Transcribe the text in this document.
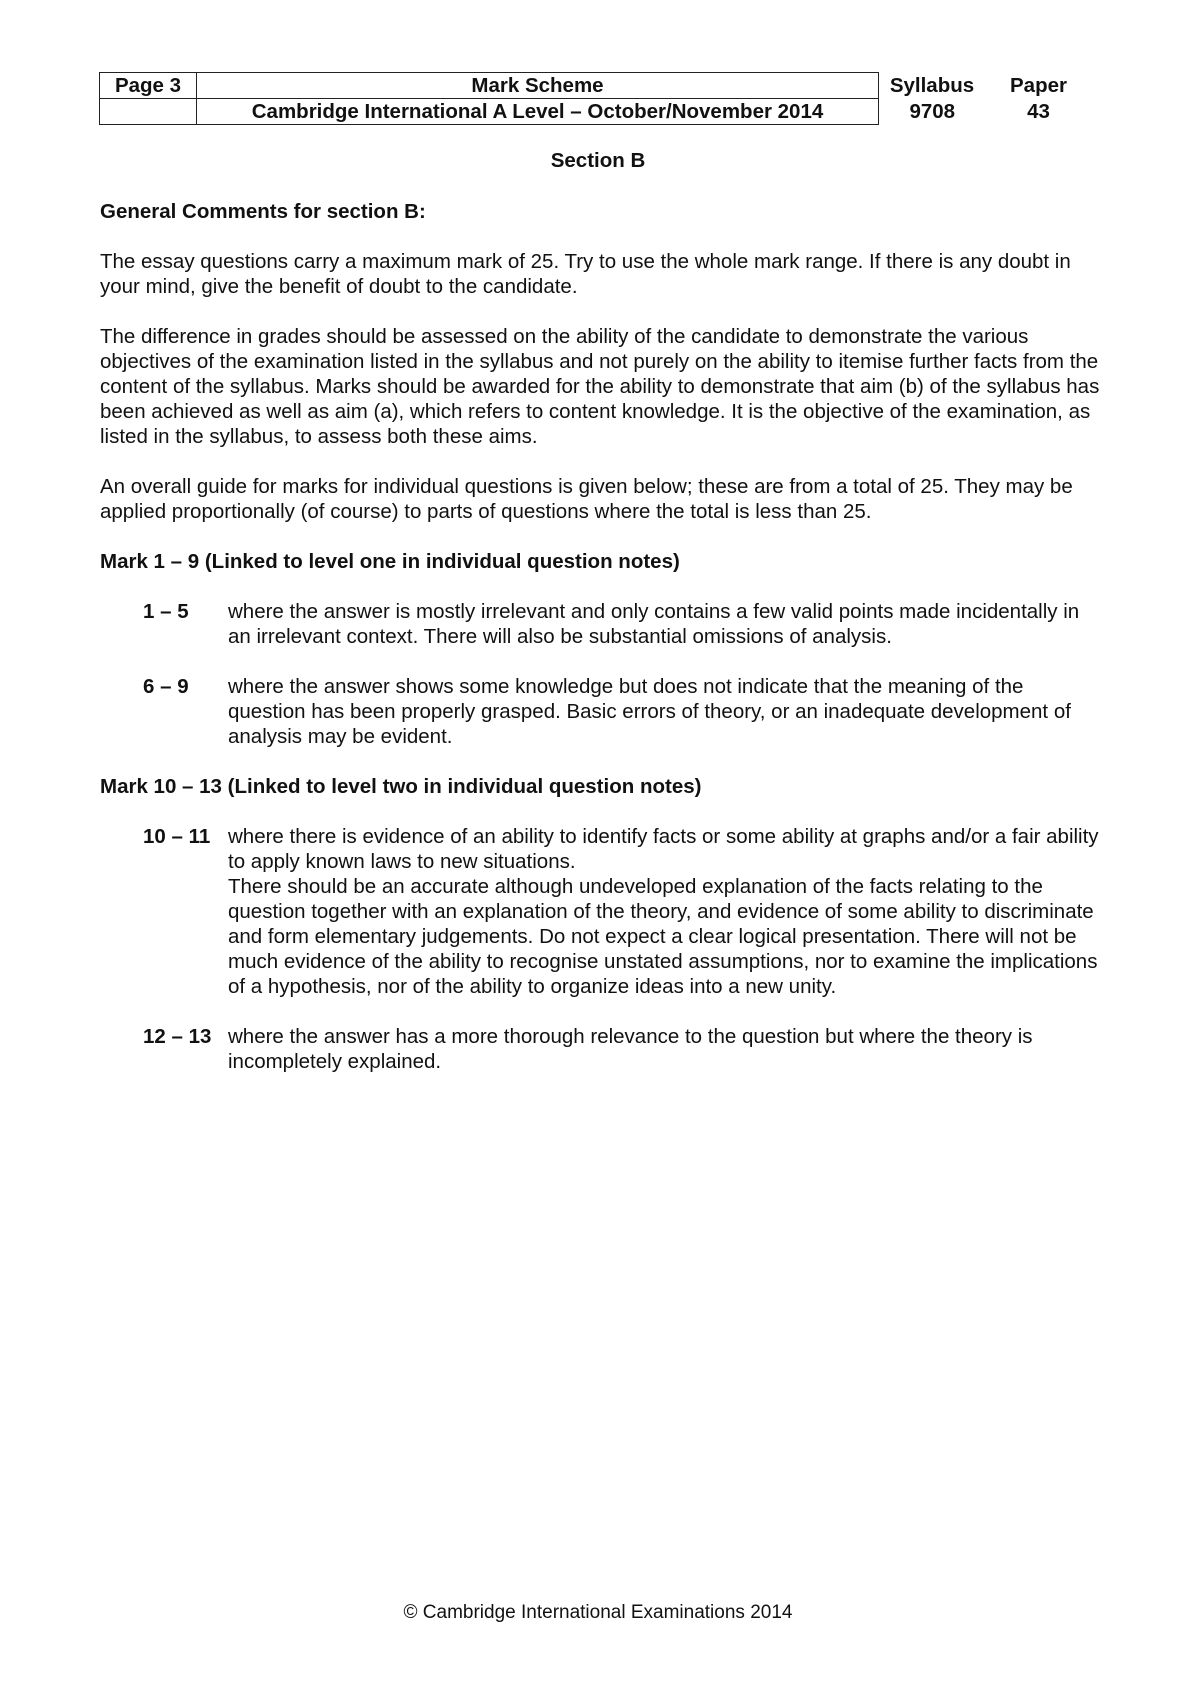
Page 3	Mark Scheme	Syllabus	Paper
	Cambridge International A Level – October/November 2014	9708	43
Section B

General Comments for section B:

The essay questions carry a maximum mark of 25. Try to use the whole mark range. If there is any doubt in your mind, give the benefit of doubt to the candidate.

The difference in grades should be assessed on the ability of the candidate to demonstrate the various objectives of the examination listed in the syllabus and not purely on the ability to itemise further facts from the content of the syllabus. Marks should be awarded for the ability to demonstrate that aim (b) of the syllabus has been achieved as well as aim (a), which refers to content knowledge. It is the objective of the examination, as listed in the syllabus, to assess both these aims.

An overall guide for marks for individual questions is given below; these are from a total of 25. They may be applied proportionally (of course) to parts of questions where the total is less than 25.

Mark 1 – 9 (Linked to level one in individual question notes)

1 – 5	where the answer is mostly irrelevant and only contains a few valid points made incidentally in an irrelevant context. There will also be substantial omissions of analysis.
6 – 9	where the answer shows some knowledge but does not indicate that the meaning of the question has been properly grasped. Basic errors of theory, or an inadequate development of analysis may be evident.

Mark 10 – 13 (Linked to level two in individual question notes)

10 – 11 where there is evidence of an ability to identify facts or some ability at graphs and/or a fair ability to apply known laws to new situations.
There should be an accurate although undeveloped explanation of the facts relating to the question together with an explanation of the theory, and evidence of some ability to discriminate and form elementary judgements. Do not expect a clear logical presentation. There will not be much evidence of the ability to recognise unstated assumptions, nor to examine the implications of a hypothesis, nor of the ability to organize ideas into a new unity.
12 – 13 where the answer has a more thorough relevance to the question but where the theory is incompletely explained.
© Cambridge International Examinations 2014
